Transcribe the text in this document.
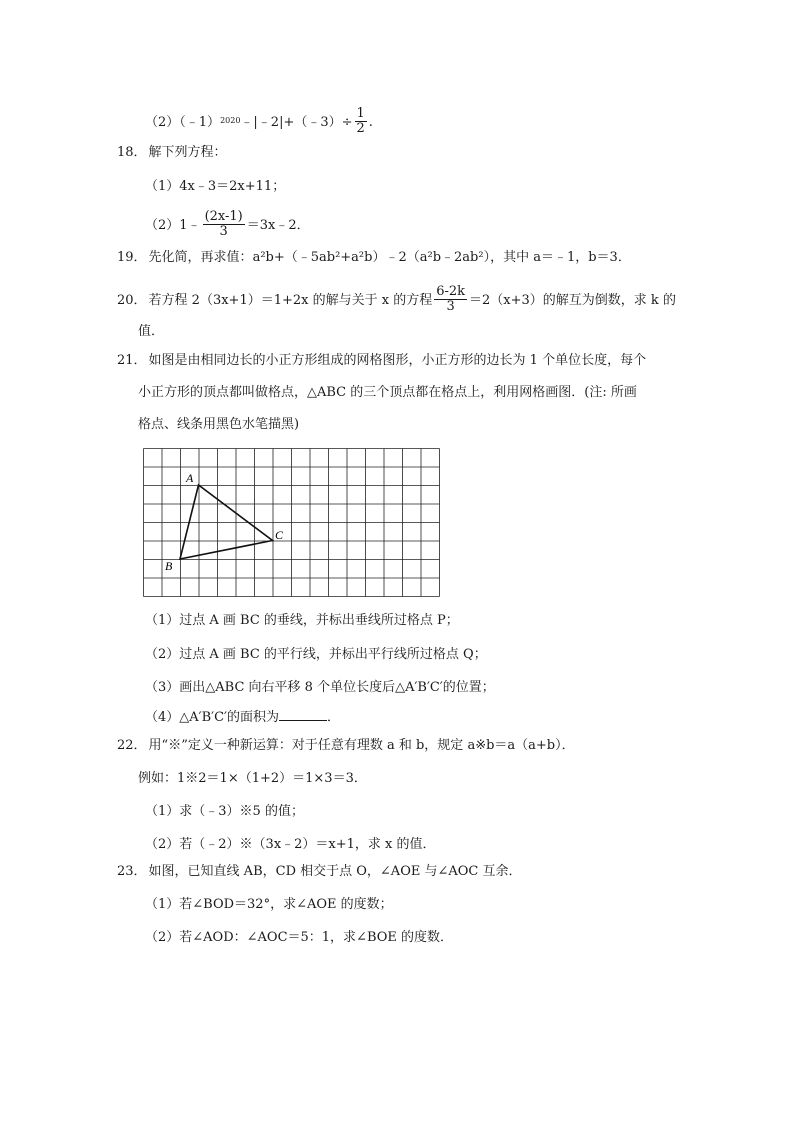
（2）（﹣1）$^{2020}$﹣|﹣2|+（﹣3）÷ $\frac{1}{2}$ .
18． 解下列方程：
（1）4x﹣3＝2x+11；
（2）1﹣ $\frac{(2x-1)}{3}$ ＝3x﹣2．
19． 先化简，再求值：a²b+（﹣5ab²+a²b）﹣2（a²b﹣2ab²），其中 a＝﹣1，b＝3．
20． 若方程 2（3x+1）＝1+2x 的解与关于 x 的方程 $\frac{6-2k}{3} =2(x+3)$的解互为倒数，求 k 的
值．
21． 如图是由相同边长的小正方形组成的网格图形，小正方形的边长为 1 个单位长度，每个
小正方形的顶点都叫做格点，△ABC 的三个顶点都在格点上，利用网格画图．(注: 所画
格点、线条用黑色水笔描黑)
A
B
C
（1）过点 A 画 BC 的垂线，并标出垂线所过格点 P；
（2）过点 A 画 BC 的平行线，并标出平行线所过格点 Q；
（3）画出△ABC 向右平移 8 个单位长度后△A′B′C′的位置；
（4）△A′B′C′的面积为	．
22． 用“※”定义一种新运算：对于任意有理数 a 和 b，规定 a※b＝a（a+b）．
例如：1※2＝1×（1+2）＝1×3＝3．
（1）求（﹣3）※5 的值；
（2）若（﹣2）※（3x﹣2）＝x+1，求 x 的值．
23． 如图，已知直线 AB，CD 相交于点 O，∠AOE 与∠AOC 互余．
（1）若∠BOD＝32°，求∠AOE 的度数；
（2）若∠AOD：∠AOC＝5：1，求∠BOE 的度数．
